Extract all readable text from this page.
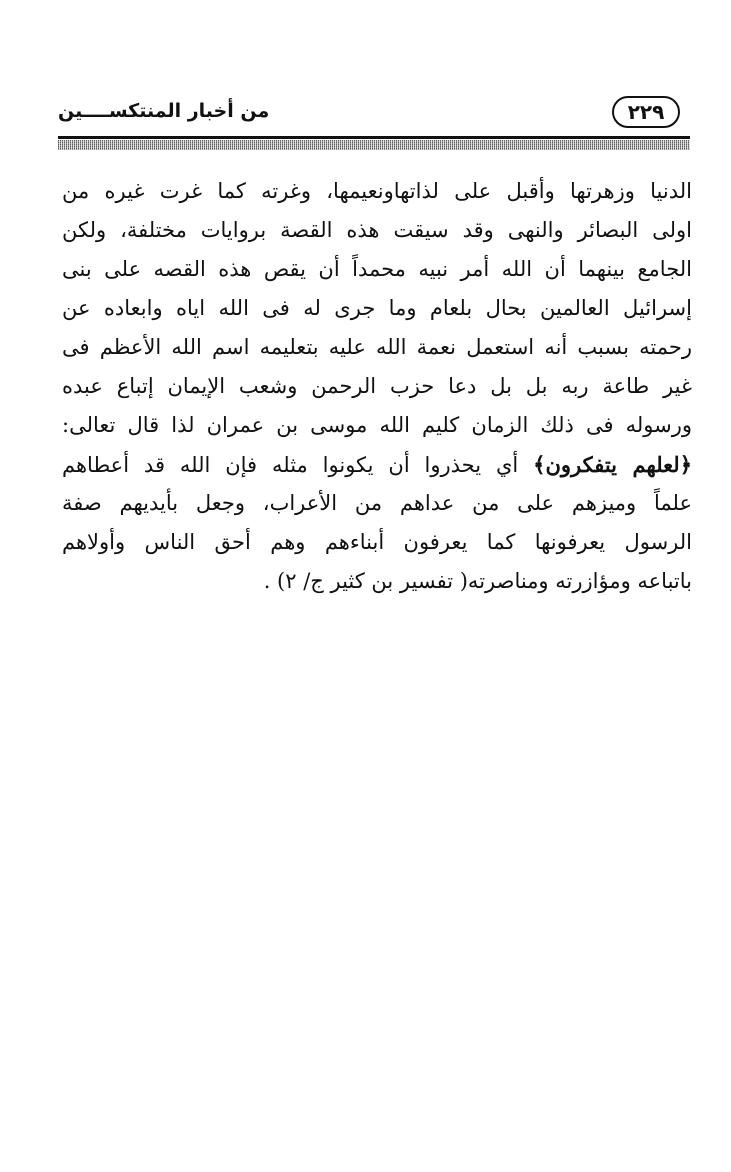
من أخبار المنتكســــين	٢٢٩
الدنيا وزهرتها وأقبل على لذاتهاونعيمها، وغرته كما غرت غيره من
اولى البصائر والنهى وقد سيقت هذه القصة بروايات مختلفة، ولكن
الجامع بينهما أن الله أمر نبيه محمداً أن يقص هذه القصه على بنى
إسرائيل العالمين بحال بلعام وما جرى له فى الله اياه وابعاده عن
رحمته بسبب أنه استعمل نعمة الله عليه بتعليمه اسم الله الأعظم فى
غير طاعة ربه بل بل دعا حزب الرحمن وشعب الإيمان إتباع عبده
ورسوله فى ذلك الزمان كليم الله موسى بن عمران لذا قال تعالى:
﴿لعلهم يتفكرون﴾ أي يحذروا أن يكونوا مثله فإن الله قد أعطاهم
علماً وميزهم على من عداهم من الأعراب، وجعل بأيديهم صفة
الرسول يعرفونها كما يعرفون أبناءهم وهم أحق الناس وأولاهم
باتباعه ومؤازرته ومناصرته( تفسير بن كثير ج/ ٢) .
